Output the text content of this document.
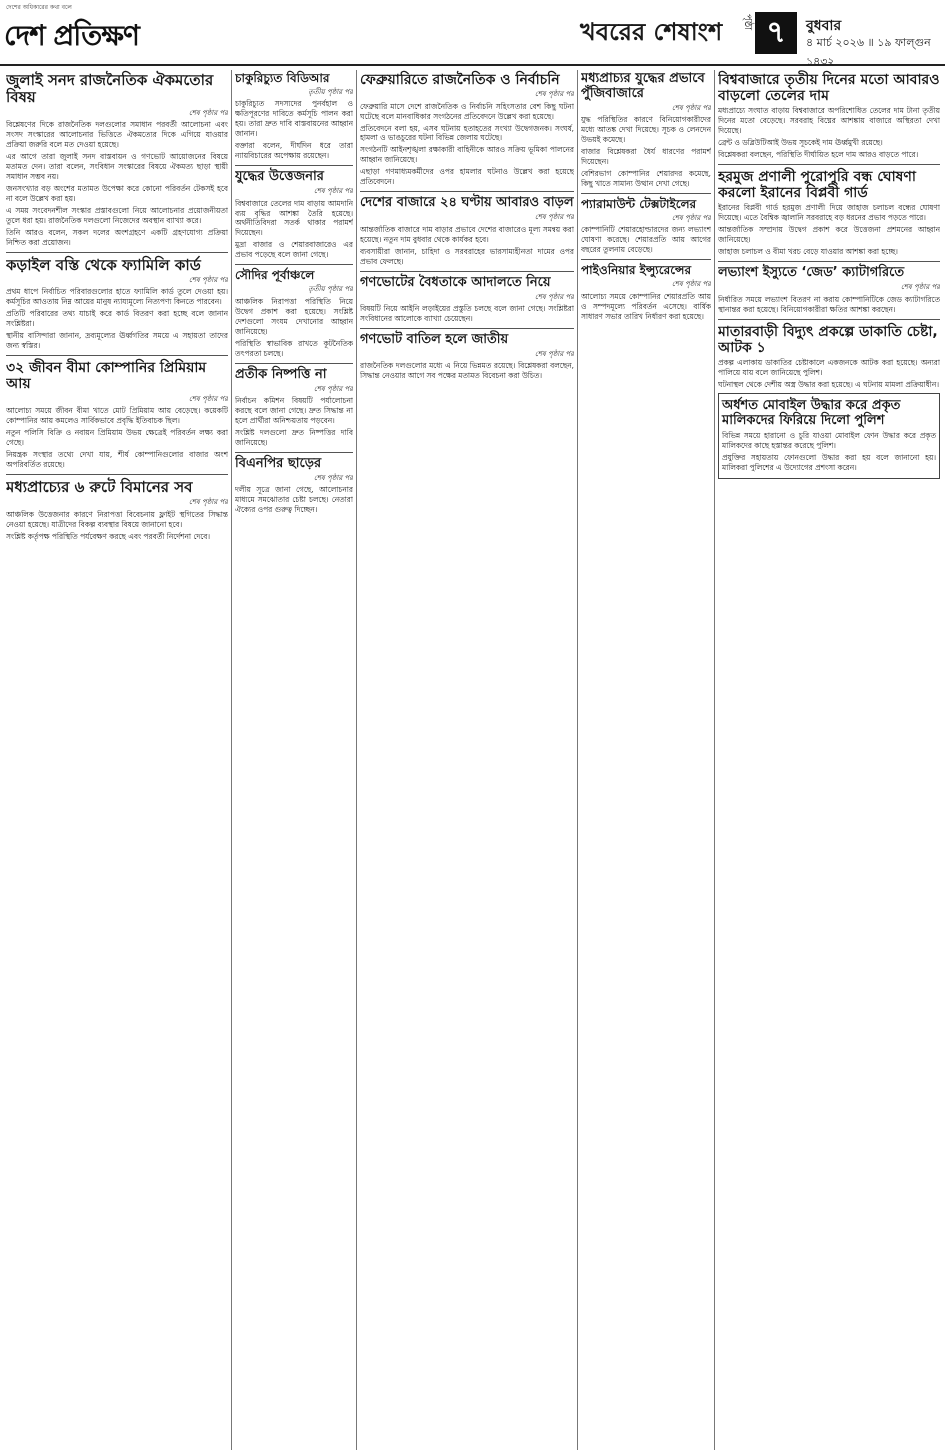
দেশের অধিকারের কথা বলে
দেশ প্রতিক্ষণ	খবরের শেষাংশ	পৃষ্ঠা ৭	বুধবার
৪ মার্চ ২০২৬ ॥ ১৯ ফাল্গুন ১৪৩২
জুলাই সনদ রাজনৈতিক ঐকমতোর বিষয়
শেষ পৃষ্ঠার পর

বিশ্লেষণের দিকে রাজনৈতিক দলগুলোর সমাধান পরবর্তী আলোচনা এবং সংসদ সংস্কারের আলোচনার ভিত্তিতে ঐকমত্যের দিকে এগিয়ে যাওয়ার প্রক্রিয়া জরুরি বলে মত দেওয়া হয়েছে।

এর আগে তারা জুলাই সনদ বাস্তবায়ন ও গণভোট আয়োজনের বিষয়ে মতামত দেন। তারা বলেন, সংবিধান সংস্কারের বিষয়ে ঐকমত্য ছাড়া স্থায়ী সমাধান সম্ভব নয়।

জনসংখ্যার বড় অংশের মতামত উপেক্ষা করে কোনো পরিবর্তন টেকসই হবে না বলে উল্লেখ করা হয়।

এ সময় সংবেদনশীল সংস্কার প্রস্তাবগুলো নিয়ে আলোচনার প্রয়োজনীয়তা তুলে ধরা হয়। রাজনৈতিক দলগুলো নিজেদের অবস্থান ব্যাখ্যা করে।

তিনি আরও বলেন, সকল দলের অংশগ্রহণে একটি গ্রহণযোগ্য প্রক্রিয়া নিশ্চিত করা প্রয়োজন।

কড়াইল বস্তি থেকে ফ্যামিলি কার্ড
শেষ পৃষ্ঠার পর

প্রথম ধাপে নির্বাচিত পরিবারগুলোর হাতে ফ্যামিলি কার্ড তুলে দেওয়া হয়। কর্মসূচির আওতায় নিম্ন আয়ের মানুষ ন্যায্যমূল্যে নিত্যপণ্য কিনতে পারবেন।

প্রতিটি পরিবারের তথ্য যাচাই করে কার্ড বিতরণ করা হচ্ছে বলে জানান সংশ্লিষ্টরা।

স্থানীয় বাসিন্দারা জানান, দ্রব্যমূল্যের ঊর্ধ্বগতির সময়ে এ সহায়তা তাদের জন্য স্বস্তির।

৩২ জীবন বীমা কোম্পানির প্রিমিয়াম আয়
শেষ পৃষ্ঠার পর

আলোচ্য সময়ে জীবন বীমা খাতে মোট প্রিমিয়াম আয় বেড়েছে। কয়েকটি কোম্পানির আয় কমলেও সার্বিকভাবে প্রবৃদ্ধি ইতিবাচক ছিল।

নতুন পলিসি বিক্রি ও নবায়ন প্রিমিয়াম উভয় ক্ষেত্রেই পরিবর্তন লক্ষ্য করা গেছে।

নিয়ন্ত্রক সংস্থার তথ্যে দেখা যায়, শীর্ষ কোম্পানিগুলোর বাজার অংশ অপরিবর্তিত রয়েছে।

মধ্যপ্রাচ্যের ৬ রুটে বিমানের সব
শেষ পৃষ্ঠার পর

আঞ্চলিক উত্তেজনার কারণে নিরাপত্তা বিবেচনায় ফ্লাইট স্থগিতের সিদ্ধান্ত নেওয়া হয়েছে। যাত্রীদের বিকল্প ব্যবস্থার বিষয়ে জানানো হবে।

সংশ্লিষ্ট কর্তৃপক্ষ পরিস্থিতি পর্যবেক্ষণ করছে এবং পরবর্তী নির্দেশনা দেবে।

চাকুরিচ্যুত বিডিআর
তৃতীয় পৃষ্ঠার পর

চাকুরিচ্যুত সদস্যদের পুনর্বহাল ও ক্ষতিপূরণের দাবিতে কর্মসূচি পালন করা হয়। তারা দ্রুত দাবি বাস্তবায়নের আহ্বান জানান।

বক্তারা বলেন, দীর্ঘদিন ধরে তারা ন্যায়বিচারের অপেক্ষায় রয়েছেন।

যুদ্ধের উত্তেজনার
শেষ পৃষ্ঠার পর

বিশ্ববাজারে তেলের দাম বাড়ায় আমদানি ব্যয় বৃদ্ধির আশঙ্কা তৈরি হয়েছে। অর্থনীতিবিদরা সতর্ক থাকার পরামর্শ দিয়েছেন।

মুদ্রা বাজার ও শেয়ারবাজারেও এর প্রভাব পড়েছে বলে জানা গেছে।

সৌদির পূর্বাঞ্চলে
তৃতীয় পৃষ্ঠার পর

আঞ্চলিক নিরাপত্তা পরিস্থিতি নিয়ে উদ্বেগ প্রকাশ করা হয়েছে। সংশ্লিষ্ট দেশগুলো সংযম দেখানোর আহ্বান জানিয়েছে।

পরিস্থিতি স্বাভাবিক রাখতে কূটনৈতিক তৎপরতা চলছে।

প্রতীক নিষ্পত্তি না
শেষ পৃষ্ঠার পর

নির্বাচন কমিশন বিষয়টি পর্যালোচনা করছে বলে জানা গেছে। দ্রুত সিদ্ধান্ত না হলে প্রার্থীরা অনিশ্চয়তায় পড়বেন।

সংশ্লিষ্ট দলগুলো দ্রুত নিষ্পত্তির দাবি জানিয়েছে।

বিএনপির ছাড়ের
শেষ পৃষ্ঠার পর

দলীয় সূত্রে জানা গেছে, আলোচনার মাধ্যমে সমঝোতার চেষ্টা চলছে। নেতারা ঐক্যের ওপর গুরুত্ব দিচ্ছেন।

ফেব্রুয়ারিতে রাজনৈতিক ও নির্বাচনি
শেষ পৃষ্ঠার পর

ফেব্রুয়ারি মাসে দেশে রাজনৈতিক ও নির্বাচনি সহিংসতার বেশ কিছু ঘটনা ঘটেছে বলে মানবাধিকার সংগঠনের প্রতিবেদনে উল্লেখ করা হয়েছে।

প্রতিবেদনে বলা হয়, এসব ঘটনায় হতাহতের সংখ্যা উদ্বেগজনক। সংঘর্ষ, হামলা ও ভাঙচুরের ঘটনা বিভিন্ন জেলায় ঘটেছে।

সংগঠনটি আইনশৃঙ্খলা রক্ষাকারী বাহিনীকে আরও সক্রিয় ভূমিকা পালনের আহ্বান জানিয়েছে।

এছাড়া গণমাধ্যমকর্মীদের ওপর হামলার ঘটনাও উল্লেখ করা হয়েছে প্রতিবেদনে।

দেশের বাজারে ২৪ ঘণ্টায় আবারও বাড়ল
শেষ পৃষ্ঠার পর

আন্তর্জাতিক বাজারে দাম বাড়ার প্রভাবে দেশের বাজারেও মূল্য সমন্বয় করা হয়েছে। নতুন দাম বুধবার থেকে কার্যকর হবে।

ব্যবসায়ীরা জানান, চাহিদা ও সরবরাহের ভারসাম্যহীনতা দামের ওপর প্রভাব ফেলছে।

গণভোটের বৈধতাকে আদালতে নিয়ে
শেষ পৃষ্ঠার পর

বিষয়টি নিয়ে আইনি লড়াইয়ের প্রস্তুতি চলছে বলে জানা গেছে। সংশ্লিষ্টরা সংবিধানের আলোকে ব্যাখ্যা চেয়েছেন।

গণভোট বাতিল হলে জাতীয়
শেষ পৃষ্ঠার পর

রাজনৈতিক দলগুলোর মধ্যে এ নিয়ে ভিন্নমত রয়েছে। বিশ্লেষকরা বলছেন, সিদ্ধান্ত নেওয়ার আগে সব পক্ষের মতামত বিবেচনা করা উচিত।

মধ্যপ্রাচ্যর যুদ্ধের প্রভাবে পুঁজিবাজারে
শেষ পৃষ্ঠার পর

যুদ্ধ পরিস্থিতির কারণে বিনিয়োগকারীদের মধ্যে আতঙ্ক দেখা দিয়েছে। সূচক ও লেনদেন উভয়ই কমেছে।

বাজার বিশ্লেষকরা ধৈর্য ধারণের পরামর্শ দিয়েছেন।

বেশিরভাগ কোম্পানির শেয়ারদর কমেছে, কিছু খাতে সামান্য উত্থান দেখা গেছে।

প্যারামাউন্ট টেক্সটাইলের
শেষ পৃষ্ঠার পর

কোম্পানিটি শেয়ারহোল্ডারদের জন্য লভ্যাংশ ঘোষণা করেছে। শেয়ারপ্রতি আয় আগের বছরের তুলনায় বেড়েছে।

পাইওনিয়ার ইন্স্যুরেন্সের
শেষ পৃষ্ঠার পর

আলোচ্য সময়ে কোম্পানির শেয়ারপ্রতি আয় ও সম্পদমূল্যে পরিবর্তন এসেছে। বার্ষিক সাধারণ সভার তারিখ নির্ধারণ করা হয়েছে।

বিশ্ববাজারে তৃতীয় দিনের মতো আবারও বাড়লো তেলের দাম

মধ্যপ্রাচ্যে সংঘাত বাড়ায় বিশ্ববাজারে অপরিশোধিত তেলের দাম টানা তৃতীয় দিনের মতো বেড়েছে। সরবরাহ বিঘ্নের আশঙ্কায় বাজারে অস্থিরতা দেখা দিয়েছে।

ব্রেন্ট ও ডব্লিউটিআই উভয় সূচকেই দাম ঊর্ধ্বমুখী রয়েছে।

বিশ্লেষকরা বলছেন, পরিস্থিতি দীর্ঘায়িত হলে দাম আরও বাড়তে পারে।

হরমুজ প্রণালী পুরোপুরি বন্ধ ঘোষণা করলো ইরানের বিপ্লবী গার্ড

ইরানের বিপ্লবী গার্ড হরমুজ প্রণালী দিয়ে জাহাজ চলাচল বন্ধের ঘোষণা দিয়েছে। এতে বৈশ্বিক জ্বালানি সরবরাহে বড় ধরনের প্রভাব পড়তে পারে।

আন্তর্জাতিক সম্প্রদায় উদ্বেগ প্রকাশ করে উত্তেজনা প্রশমনের আহ্বান জানিয়েছে।

জাহাজ চলাচল ও বীমা খরচ বেড়ে যাওয়ার আশঙ্কা করা হচ্ছে।

লভ্যাংশ ইস্যুতে ‘জেড’ ক্যাটাগরিতে
শেষ পৃষ্ঠার পর

নির্ধারিত সময়ে লভ্যাংশ বিতরণ না করায় কোম্পানিটিকে জেড ক্যাটাগরিতে স্থানান্তর করা হয়েছে। বিনিয়োগকারীরা ক্ষতির আশঙ্কা করছেন।

মাতারবাড়ী বিদ্যুৎ প্রকল্পে ডাকাতি চেষ্টা, আটক ১

প্রকল্প এলাকায় ডাকাতির চেষ্টাকালে একজনকে আটক করা হয়েছে। অন্যরা পালিয়ে যায় বলে জানিয়েছে পুলিশ।

ঘটনাস্থল থেকে দেশীয় অস্ত্র উদ্ধার করা হয়েছে। এ ঘটনায় মামলা প্রক্রিয়াধীন।

অর্ধশত মোবাইল উদ্ধার করে প্রকৃত মালিকদের ফিরিয়ে দিলো পুলিশ

বিভিন্ন সময়ে হারানো ও চুরি যাওয়া মোবাইল ফোন উদ্ধার করে প্রকৃত মালিকদের কাছে হস্তান্তর করেছে পুলিশ।

প্রযুক্তির সহায়তায় ফোনগুলো উদ্ধার করা হয় বলে জানানো হয়। মালিকরা পুলিশের এ উদ্যোগের প্রশংসা করেন।
